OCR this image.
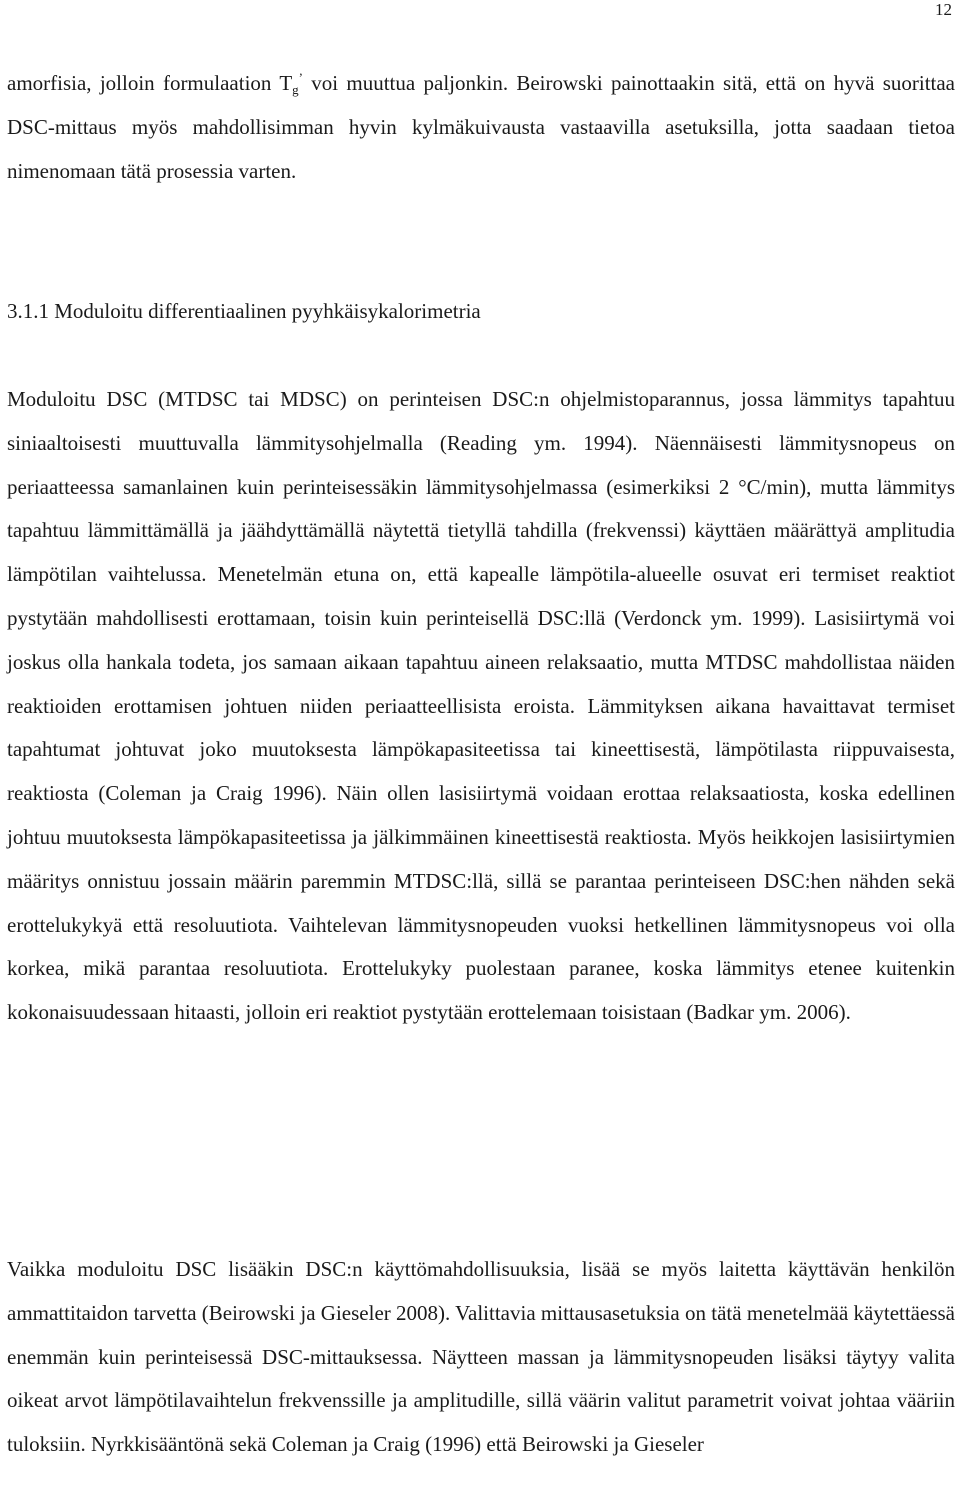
12

amorfisia, jolloin formulaation $T_g^’$ voi muuttua paljonkin. Beirowski painottaakin sitä, että on hyvä suorittaa DSC-mittaus myös mahdollisimman hyvin kylmäkuivausta vastaavilla asetuksilla, jotta saadaan tietoa nimenomaan tätä prosessia varten.

3.1.1 Moduloitu differentiaalinen pyyhkäisykalorimetria

Moduloitu DSC (MTDSC tai MDSC) on perinteisen DSC:n ohjelmistoparannus, jossa lämmitys tapahtuu siniaaltoisesti muuttuvalla lämmitysohjelmalla (Reading ym. 1994). Näennäisesti lämmitysnopeus on periaatteessa samanlainen kuin perinteisessäkin lämmitysohjelmassa (esimerkiksi 2 °C/min), mutta lämmitys tapahtuu lämmittämällä ja jäähdyttämällä näytettä tietyllä tahdilla (frekvenssi) käyttäen määrättyä amplitudia lämpötilan vaihtelussa. Menetelmän etuna on, että kapealle lämpötila-alueelle osuvat eri termiset reaktiot pystytään mahdollisesti erottamaan, toisin kuin perinteisellä DSC:llä (Verdonck ym. 1999). Lasisiirtymä voi joskus olla hankala todeta, jos samaan aikaan tapahtuu aineen relaksaatio, mutta MTDSC mahdollistaa näiden reaktioiden erottamisen johtuen niiden periaatteellisista eroista. Lämmityksen aikana havaittavat termiset tapahtumat johtuvat joko muutoksesta lämpökapasiteetissa tai kineettisestä, lämpötilasta riippuvaisesta, reaktiosta (Coleman ja Craig 1996). Näin ollen lasisiirtymä voidaan erottaa relaksaatiosta, koska edellinen johtuu muutoksesta lämpökapasiteetissa ja jälkimmäinen kineettisestä reaktiosta. Myös heikkojen lasisiirtymien määritys onnistuu jossain määrin paremmin MTDSC:llä, sillä se parantaa perinteiseen DSC:hen nähden sekä erottelukykyä että resoluutiota. Vaihtelevan lämmitysnopeuden vuoksi hetkellinen lämmitysnopeus voi olla korkea, mikä parantaa resoluutiota. Erottelukyky puolestaan paranee, koska lämmitys etenee kuitenkin kokonaisuudessaan hitaasti, jolloin eri reaktiot pystytään erottelemaan toisistaan (Badkar ym. 2006).

Vaikka moduloitu DSC lisääkin DSC:n käyttömahdollisuuksia, lisää se myös laitetta käyttävän henkilön ammattitaidon tarvetta (Beirowski ja Gieseler 2008). Valittavia mittausasetuksia on tätä menetelmää käytettäessä enemmän kuin perinteisessä DSC-mittauksessa. Näytteen massan ja lämmitysnopeuden lisäksi täytyy valita oikeat arvot lämpötilavaihtelun frekvenssille ja amplitudille, sillä väärin valitut parametrit voivat johtaa vääriin tuloksiin. Nyrkkisääntönä sekä Coleman ja Craig (1996) että Beirowski ja Gieseler
